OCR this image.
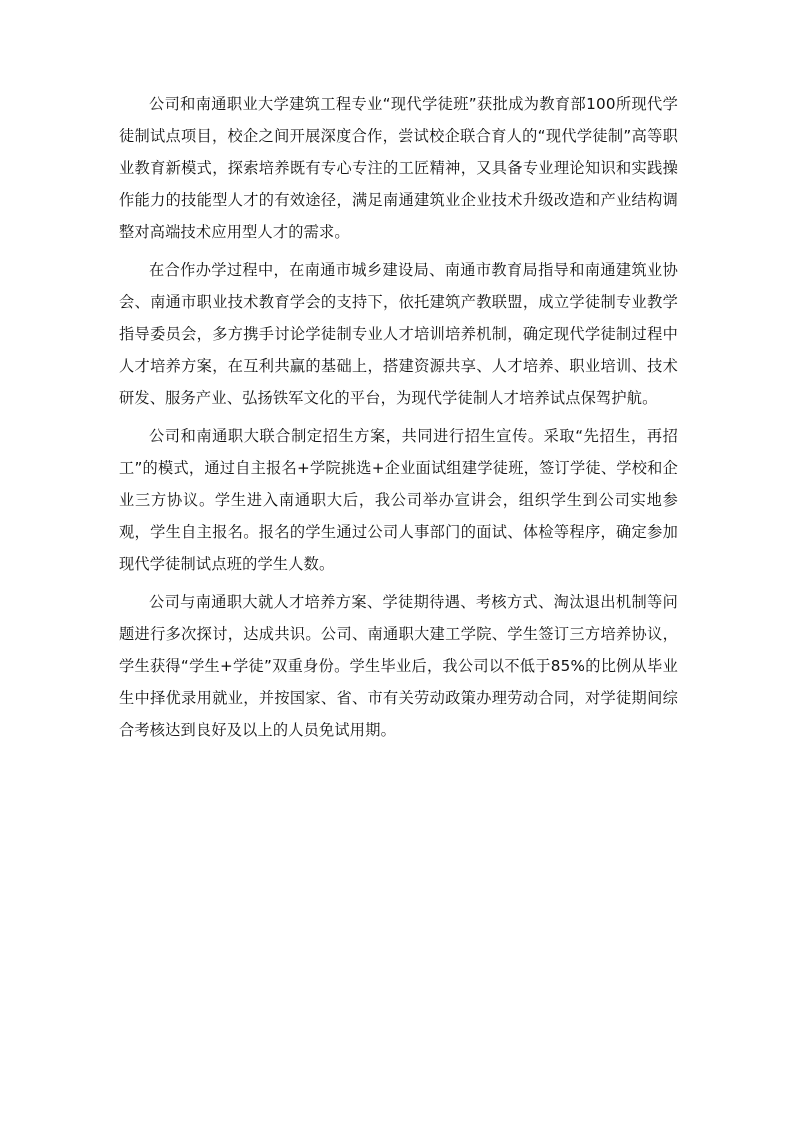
公司和南通职业大学建筑工程专业“现代学徒班”获批成为教育部100所现代学徒制试点项目，校企之间开展深度合作，尝试校企联合育人的“现代学徒制”高等职业教育新模式，探索培养既有专心专注的工匠精神，又具备专业理论知识和实践操作能力的技能型人才的有效途径，满足南通建筑业企业技术升级改造和产业结构调整对高端技术应用型人才的需求。

在合作办学过程中，在南通市城乡建设局、南通市教育局指导和南通建筑业协会、南通市职业技术教育学会的支持下，依托建筑产教联盟，成立学徒制专业教学指导委员会，多方携手讨论学徒制专业人才培训培养机制，确定现代学徒制过程中人才培养方案，在互利共赢的基础上，搭建资源共享、人才培养、职业培训、技术研发、服务产业、弘扬铁军文化的平台，为现代学徒制人才培养试点保驾护航。

公司和南通职大联合制定招生方案，共同进行招生宣传。采取“先招生，再招工”的模式，通过自主报名+学院挑选+企业面试组建学徒班，签订学徒、学校和企业三方协议。学生进入南通职大后，我公司举办宣讲会，组织学生到公司实地参观，学生自主报名。报名的学生通过公司人事部门的面试、体检等程序，确定参加现代学徒制试点班的学生人数。

公司与南通职大就人才培养方案、学徒期待遇、考核方式、淘汰退出机制等问题进行多次探讨，达成共识。公司、南通职大建工学院、学生签订三方培养协议，学生获得“学生+学徒”双重身份。学生毕业后，我公司以不低于85%的比例从毕业生中择优录用就业，并按国家、省、市有关劳动政策办理劳动合同，对学徒期间综合考核达到良好及以上的人员免试用期。
